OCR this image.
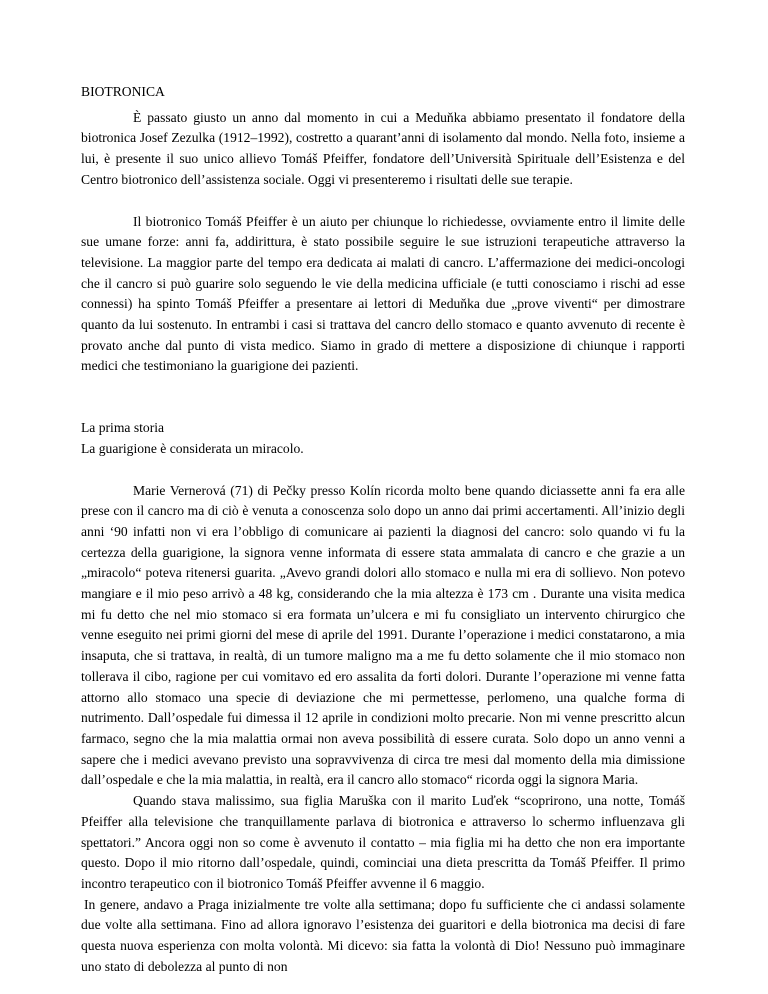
BIOTRONICA

È passato giusto un anno dal momento in cui a Meduňka abbiamo presentato il fondatore della biotronica Josef Zezulka (1912–1992), costretto a quarant’anni di isolamento dal mondo. Nella foto, insieme a lui, è presente il suo unico allievo Tomáš Pfeiffer, fondatore dell’Università Spirituale dell’Esistenza e del Centro biotronico dell’assistenza sociale. Oggi vi presenteremo i risultati delle sue terapie.

Il biotronico Tomáš Pfeiffer è un aiuto per chiunque lo richiedesse, ovviamente entro il limite delle sue umane forze: anni fa, addirittura, è stato possibile seguire le sue istruzioni terapeutiche attraverso la televisione. La maggior parte del tempo era dedicata ai malati di cancro. L’affermazione dei medici-oncologi che il cancro si può guarire solo seguendo le vie della medicina ufficiale (e tutti conosciamo i rischi ad esse connessi) ha spinto Tomáš Pfeiffer a presentare ai lettori di Meduňka due „prove viventi“ per dimostrare quanto da lui sostenuto. In entrambi i casi si trattava del cancro dello stomaco e quanto avvenuto di recente è provato anche dal punto di vista medico. Siamo in grado di mettere a disposizione di chiunque i rapporti medici che testimoniano la guarigione dei pazienti.

La prima storia
La guarigione è considerata un miracolo.

Marie Vernerová (71) di Pečky presso Kolín ricorda molto bene quando diciassette anni fa era alle prese con il cancro ma di ciò è venuta a conoscenza solo dopo un anno dai primi accertamenti. All’inizio degli anni ‘90 infatti non vi era l’obbligo di comunicare ai pazienti la diagnosi del cancro: solo quando vi fu la certezza della guarigione, la signora venne informata di essere stata ammalata di cancro e che grazie a un „miracolo“ poteva ritenersi guarita. „Avevo grandi dolori allo stomaco e nulla mi era di sollievo. Non potevo mangiare e il mio peso arrivò a 48 kg, considerando che la mia altezza è 173 cm . Durante una visita medica mi fu detto che nel mio stomaco si era formata un’ulcera e mi fu consigliato un intervento chirurgico che venne eseguito nei primi giorni del mese di aprile del 1991. Durante l’operazione i medici constatarono, a mia insaputa, che si trattava, in realtà, di un tumore maligno ma a me fu detto solamente che il mio stomaco non tollerava il cibo, ragione per cui vomitavo ed ero assalita da forti dolori. Durante l’operazione mi venne fatta attorno allo stomaco una specie di deviazione che mi permettesse, perlomeno, una qualche forma di nutrimento. Dall’ospedale fui dimessa il 12 aprile in condizioni molto precarie. Non mi venne prescritto alcun farmaco, segno che la mia malattia ormai non aveva possibilità di essere curata. Solo dopo un anno venni a sapere che i medici avevano previsto una sopravvivenza di circa tre mesi dal momento della mia dimissione dall’ospedale e che la mia malattia, in realtà, era il cancro allo stomaco“ ricorda oggi la signora Maria.

Quando stava malissimo, sua figlia Maruška con il marito Luďek “scoprirono, una notte, Tomáš Pfeiffer alla televisione che tranquillamente parlava di biotronica e attraverso lo schermo influenzava gli spettatori.” Ancora oggi non so come è avvenuto il contatto – mia figlia mi ha detto che non era importante questo. Dopo il mio ritorno dall’ospedale, quindi, cominciai una dieta prescritta da Tomáš Pfeiffer. Il primo incontro terapeutico con il biotronico Tomáš Pfeiffer avvenne il 6 maggio.

In genere, andavo a Praga inizialmente tre volte alla settimana; dopo fu sufficiente che ci andassi solamente due volte alla settimana. Fino ad allora ignoravo l’esistenza dei guaritori e della biotronica ma decisi di fare questa nuova esperienza con molta volontà. Mi dicevo: sia fatta la volontà di Dio! Nessuno può immaginare uno stato di debolezza al punto di non
